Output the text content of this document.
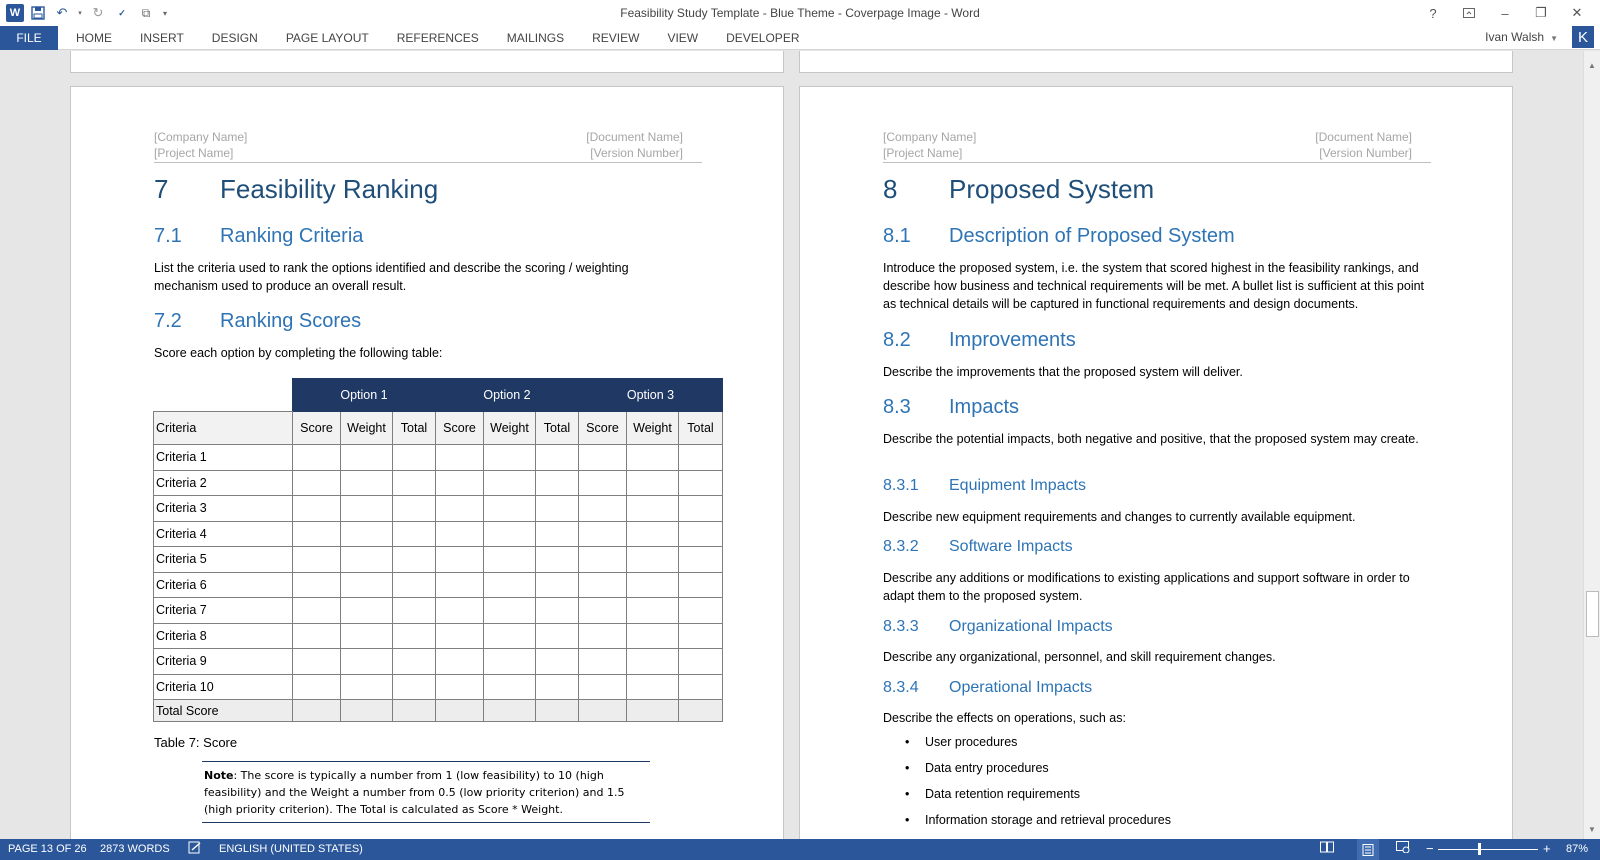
W	↶	▾ ↻	✓	⧉	▾	Feasibility Study Template - Blue Theme - Coverpage Image - Word	?	–	❐	✕
FILE	HOME	INSERT	DESIGN	PAGE LAYOUT	REFERENCES	MAILINGS	REVIEW	VIEW	DEVELOPER	Ivan Walsh ▼	K
[Company Name]
[Project Name]
[Document Name]
[Version Number]
7 Feasibility Ranking
7.1 Ranking Criteria
List the criteria used to rank the options identified and describe the scoring / weighting mechanism used to produce an overall result.
7.2 Ranking Scores
Score each option by completing the following table:
	Option 1			Option 2			Option 3		
Criteria	Score	Weight	Total	Score	Weight	Total	Score	Weight	Total
Criteria 1									
Criteria 2									
Criteria 3									
Criteria 4									
Criteria 5									
Criteria 6									
Criteria 7									
Criteria 8									
Criteria 9									
Criteria 10									
Total Score									
Table 7: Score
Note: The score is typically a number from 1 (low feasibility) to 10 (high feasibility) and the Weight a number from 0.5 (low priority criterion) and 1.5 (high priority criterion). The Total is calculated as Score * Weight.
[Company Name]
[Project Name]
[Document Name]
[Version Number]
8 Proposed System
8.1 Description of Proposed System
Introduce the proposed system, i.e. the system that scored highest in the feasibility rankings, and describe how business and technical requirements will be met. A bullet list is sufficient at this point as technical details will be captured in functional requirements and design documents.
8.2 Improvements
Describe the improvements that the proposed system will deliver.
8.3 Impacts
Describe the potential impacts, both negative and positive, that the proposed system may create.
8.3.1 Equipment Impacts
Describe new equipment requirements and changes to currently available equipment.
8.3.2 Software Impacts
Describe any additions or modifications to existing applications and support software in order to adapt them to the proposed system.
8.3.3 Organizational Impacts
Describe any organizational, personnel, and skill requirement changes.
8.3.4 Operational Impacts
Describe the effects on operations, such as:
• User procedures
• Data entry procedures
• Data retention requirements
• Information storage and retrieval procedures
▲
▼
PAGE 13 OF 26 2873 WORDS	ENGLISH (UNITED STATES)	−	+ 87%
